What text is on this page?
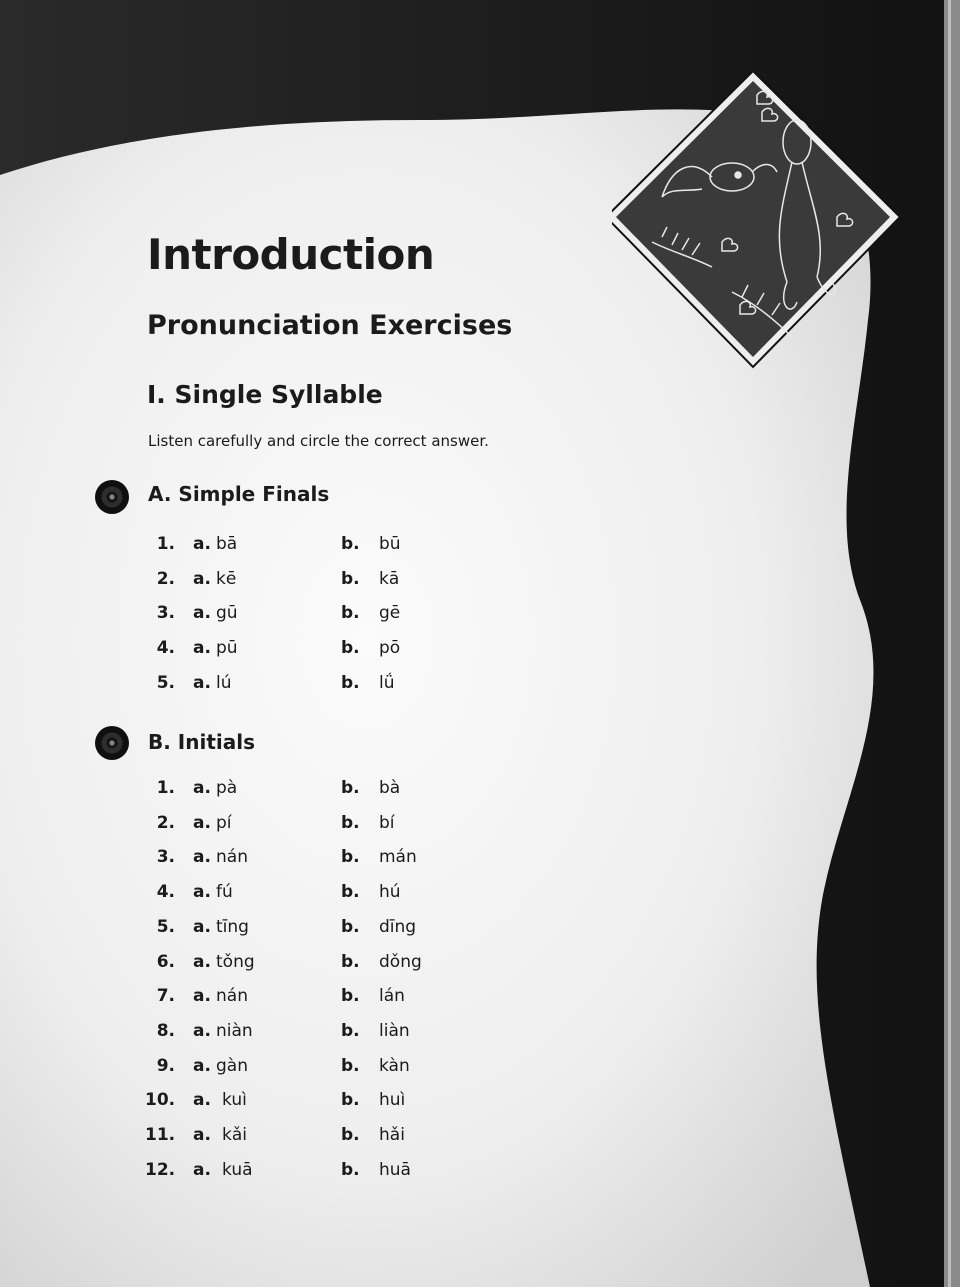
Introduction
Pronunciation Exercises
I. Single Syllable
Listen carefully and circle the correct answer.
A. Simple Finals
B. Initials
1. a. bā	b. bū
2. a. kē	b. kā
3. a. gū	b. gē
4. a. pū	b. pō
5. a. lú	b. lǘ
1. a. pà	b. bà
2. a. pí	b. bí
3. a. nán	b. mán
4. a. fú	b. hú
5. a. tīng	b. dīng
6. a. tǒng	b. dǒng
7. a. nán	b. lán
8. a. niàn	b. liàn
9. a. gàn	b. kàn
10. a. kuì	b. huì
11. a. kǎi	b. hǎi
12. a. kuā	b. huā
